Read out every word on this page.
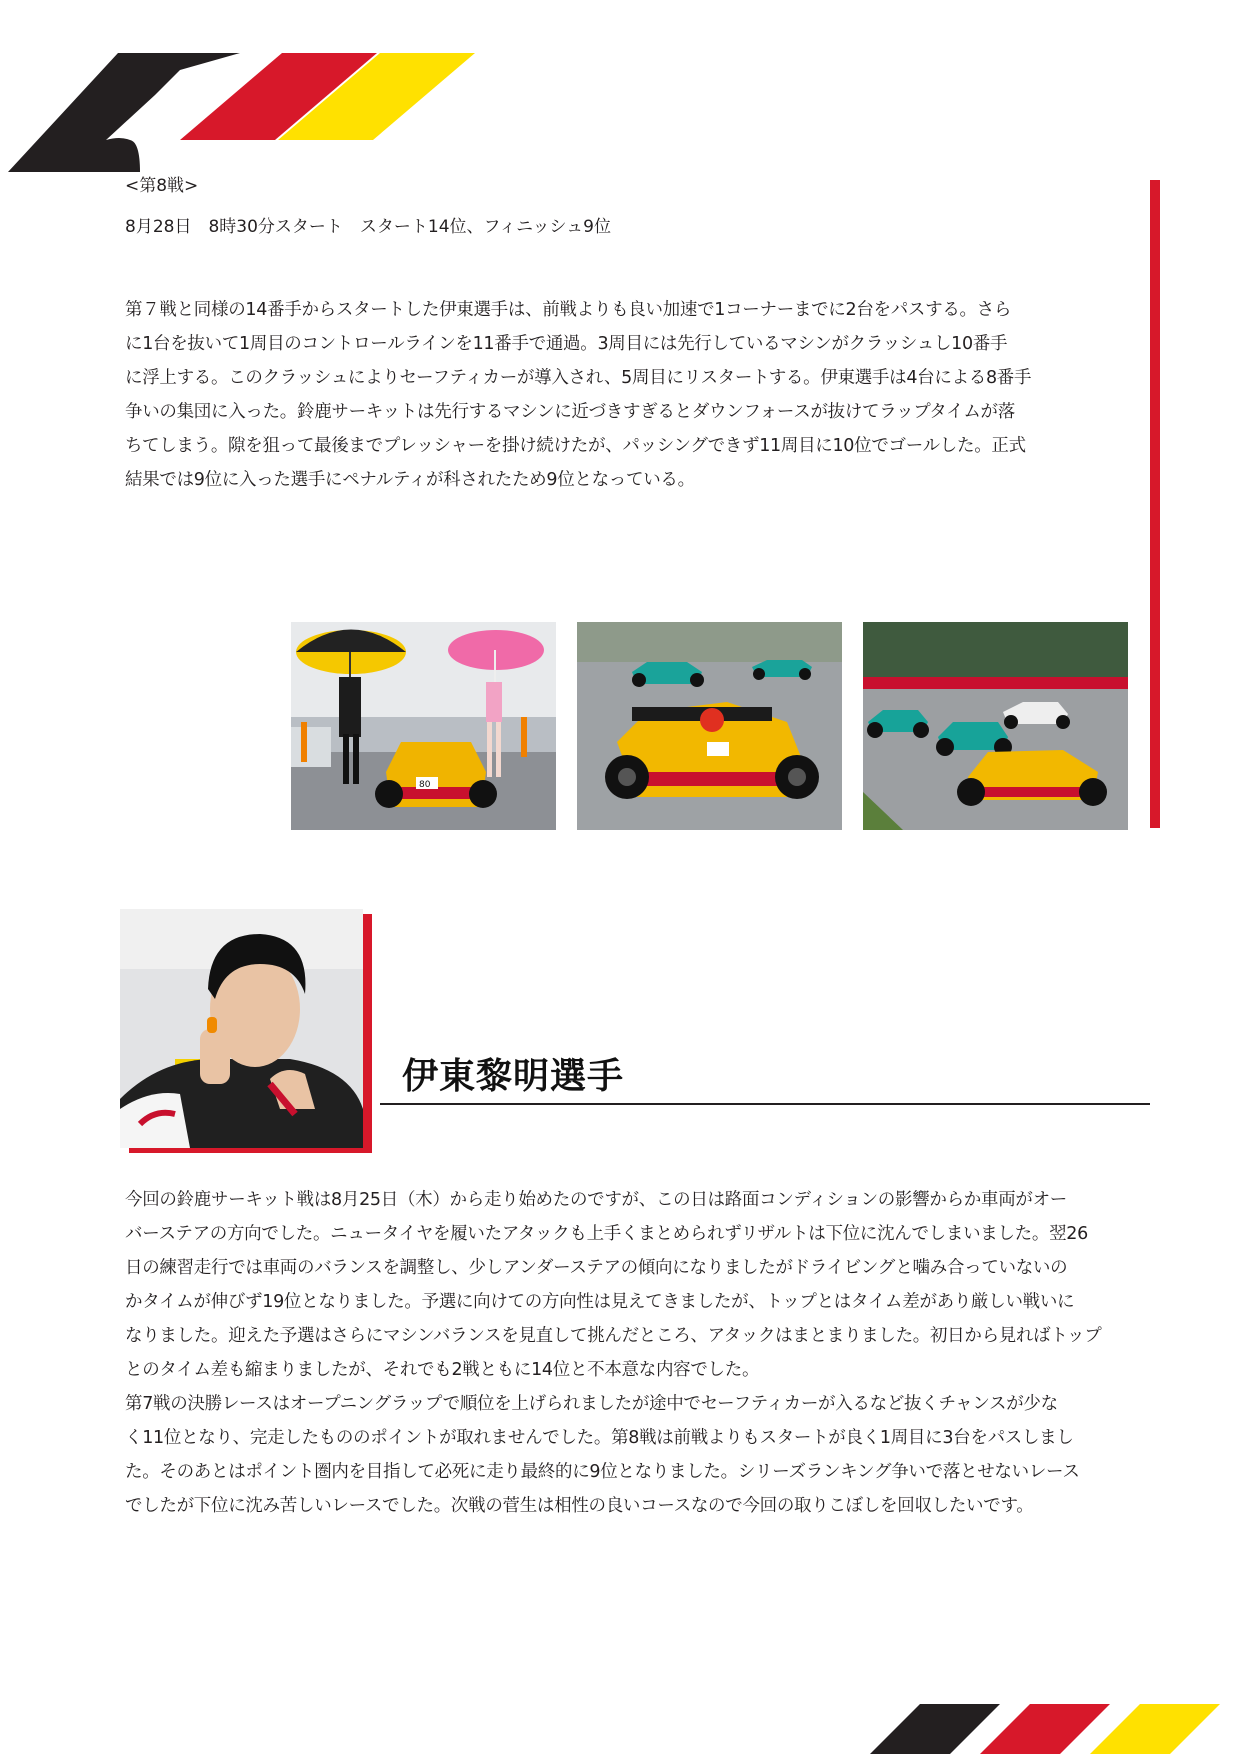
<第8戦>
8月28日　8時30分スタート　スタート14位、フィニッシュ9位

第７戦と同様の14番手からスタートした伊東選手は、前戦よりも良い加速で1コーナーまでに2台をパスする。さら

に1台を抜いて1周目のコントロールラインを11番手で通過。3周目には先行しているマシンがクラッシュし10番手

に浮上する。このクラッシュによりセーフティカーが導入され、5周目にリスタートする。伊東選手は4台による8番手

争いの集団に入った。鈴鹿サーキットは先行するマシンに近づきすぎるとダウンフォースが抜けてラップタイムが落

ちてしまう。隙を狙って最後までプレッシャーを掛け続けたが、パッシングできず11周目に10位でゴールした。正式

結果では9位に入った選手にペナルティが科されたため9位となっている。

80
伊東黎明選手

今回の鈴鹿サーキット戦は8月25日（木）から走り始めたのですが、この日は路面コンディションの影響からか車両がオー

バーステアの方向でした。ニュータイヤを履いたアタックも上手くまとめられずリザルトは下位に沈んでしまいました。翌26

日の練習走行では車両のバランスを調整し、少しアンダーステアの傾向になりましたがドライビングと噛み合っていないの

かタイムが伸びず19位となりました。予選に向けての方向性は見えてきましたが、トップとはタイム差があり厳しい戦いに

なりました。迎えた予選はさらにマシンバランスを見直して挑んだところ、アタックはまとまりました。初日から見ればトップ

とのタイム差も縮まりましたが、それでも2戦ともに14位と不本意な内容でした。

第7戦の決勝レースはオープニングラップで順位を上げられましたが途中でセーフティカーが入るなど抜くチャンスが少な

く11位となり、完走したもののポイントが取れませんでした。第8戦は前戦よりもスタートが良く1周目に3台をパスしまし

た。そのあとはポイント圏内を目指して必死に走り最終的に9位となりました。シリーズランキング争いで落とせないレース

でしたが下位に沈み苦しいレースでした。次戦の菅生は相性の良いコースなので今回の取りこぼしを回収したいです。
